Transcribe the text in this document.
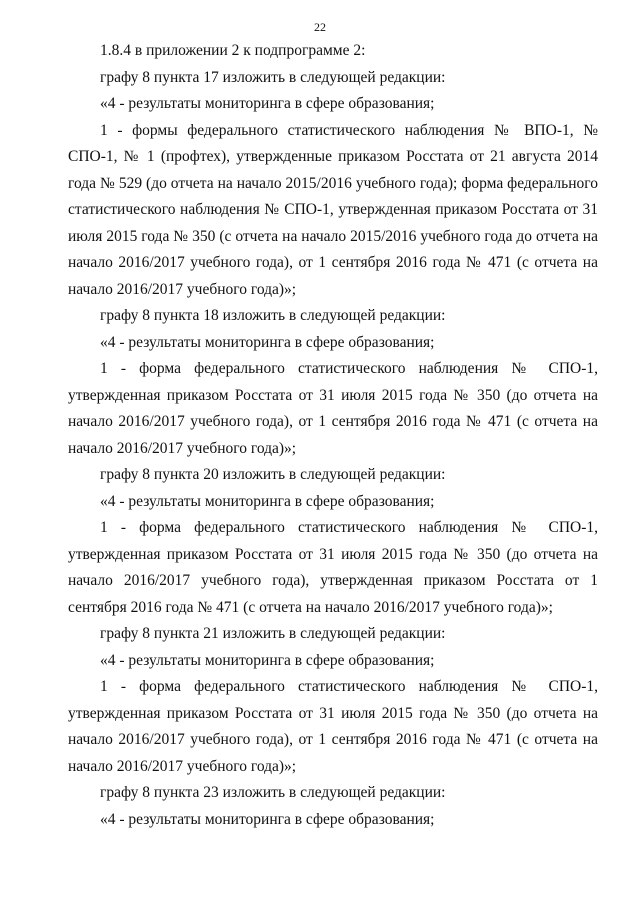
22

1.8.4 в приложении 2 к подпрограмме 2:

графу 8 пункта 17 изложить в следующей редакции:

«4 - результаты мониторинга в сфере образования;

1 - формы федерального статистического наблюдения № ВПО-1, № СПО-1, № 1 (профтех), утвержденные приказом Росстата от 21 августа 2014 года № 529 (до отчета на начало 2015/2016 учебного года); форма федерального статистического наблюдения № СПО-1, утвержденная приказом Росстата от 31 июля 2015 года № 350 (с отчета на начало 2015/2016 учебного года до отчета на начало 2016/2017 учебного года), от 1 сентября 2016 года № 471 (с отчета на начало 2016/2017 учебного года)»;

графу 8 пункта 18 изложить в следующей редакции:

«4 - результаты мониторинга в сфере образования;

1 - форма федерального статистического наблюдения № СПО-1, утвержденная приказом Росстата от 31 июля 2015 года № 350 (до отчета на начало 2016/2017 учебного года), от 1 сентября 2016 года № 471 (с отчета на начало 2016/2017 учебного года)»;

графу 8 пункта 20 изложить в следующей редакции:

«4 - результаты мониторинга в сфере образования;

1 - форма федерального статистического наблюдения № СПО-1, утвержденная приказом Росстата от 31 июля 2015 года № 350 (до отчета на начало 2016/2017 учебного года), утвержденная приказом Росстата от 1 сентября 2016 года № 471 (с отчета на начало 2016/2017 учебного года)»;

графу 8 пункта 21 изложить в следующей редакции:

«4 - результаты мониторинга в сфере образования;

1 - форма федерального статистического наблюдения № СПО-1, утвержденная приказом Росстата от 31 июля 2015 года № 350 (до отчета на начало 2016/2017 учебного года), от 1 сентября 2016 года № 471 (с отчета на начало 2016/2017 учебного года)»;

графу 8 пункта 23 изложить в следующей редакции:

«4 - результаты мониторинга в сфере образования;
